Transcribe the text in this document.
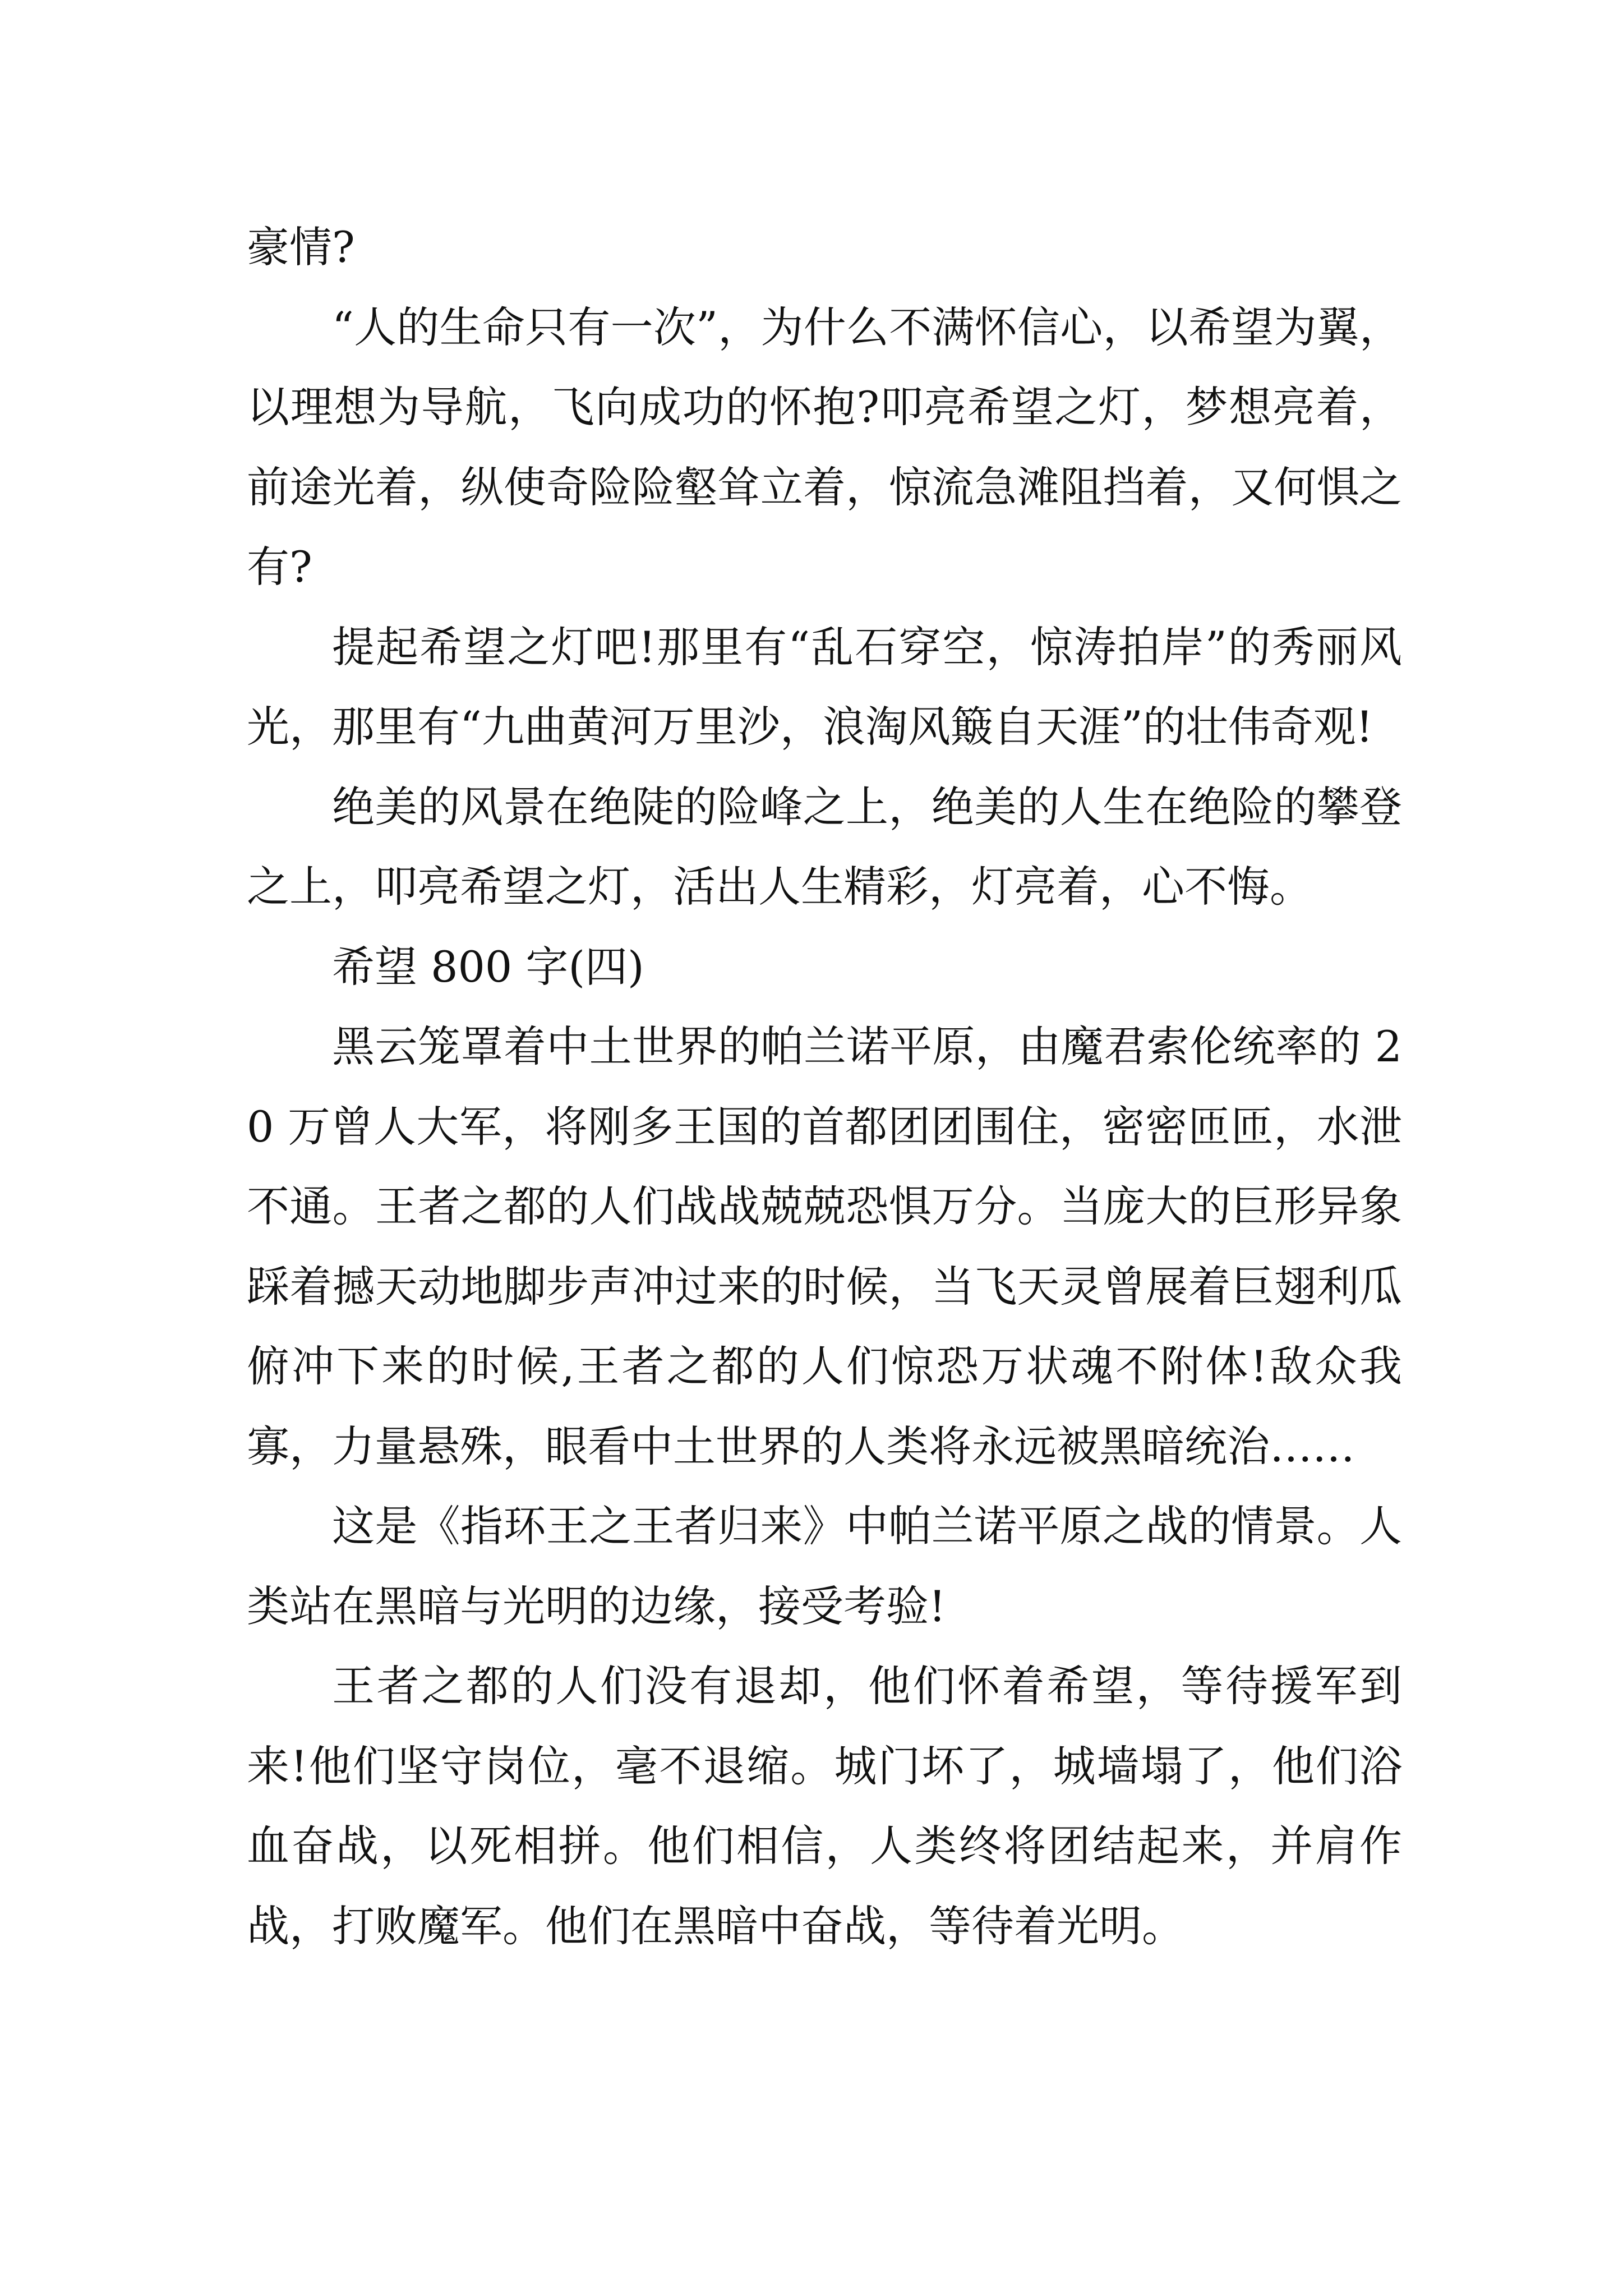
豪情?

“人的生命只有一次”，为什么不满怀信心，以希望为翼，以理想为导航，飞向成功的怀抱?叩亮希望之灯，梦想亮着，前途光着，纵使奇险险壑耸立着，惊流急滩阻挡着，又何惧之有?

提起希望之灯吧!那里有“乱石穿空，惊涛拍岸”的秀丽风光，那里有“九曲黄河万里沙，浪淘风簸自天涯”的壮伟奇观!

绝美的风景在绝陡的险峰之上，绝美的人生在绝险的攀登之上，叩亮希望之灯，活出人生精彩，灯亮着，心不悔。

希望 800 字(四)

黑云笼罩着中土世界的帕兰诺平原，由魔君索伦统率的 20 万曾人大军，将刚多王国的首都团团围住，密密匝匝，水泄不通。王者之都的人们战战兢兢恐惧万分。当庞大的巨形异象踩着撼天动地脚步声冲过来的时候，当飞天灵曾展着巨翅利瓜俯冲下来的时候,王者之都的人们惊恐万状魂不附体!敌众我寡，力量悬殊，眼看中土世界的人类将永远被黑暗统治……

这是《指环王之王者归来》中帕兰诺平原之战的情景。人类站在黑暗与光明的边缘，接受考验!

王者之都的人们没有退却，他们怀着希望，等待援军到来!他们坚守岗位，毫不退缩。城门坏了，城墙塌了，他们浴血奋战，以死相拼。他们相信，人类终将团结起来，并肩作战，打败魔军。他们在黑暗中奋战，等待着光明。
